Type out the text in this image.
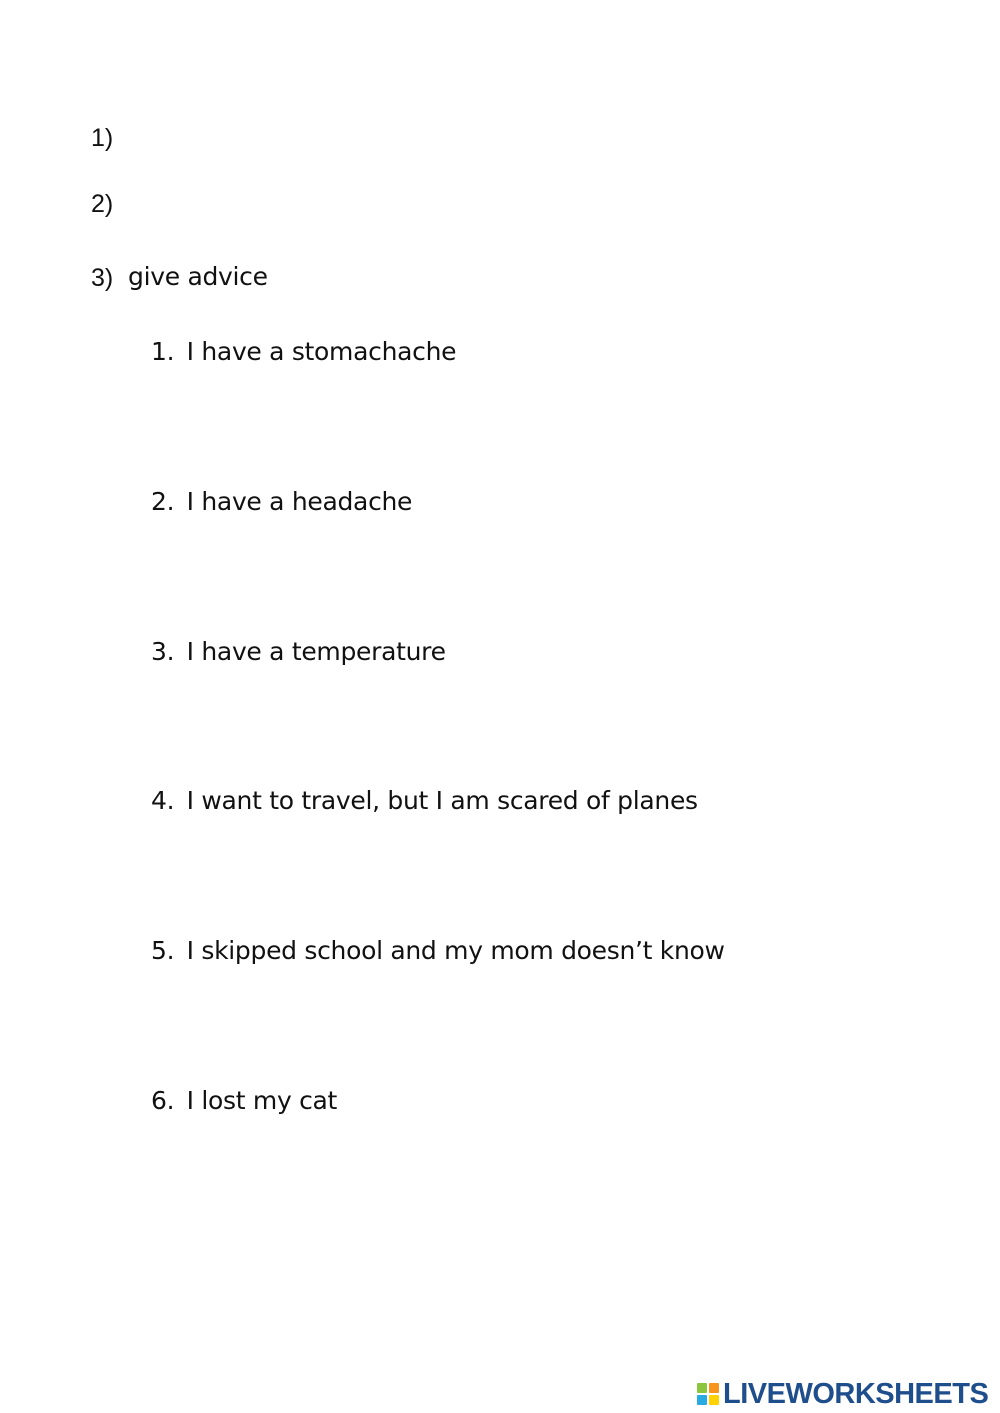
1)
2)
3) give advice
1. I have a stomachache
2. I have a headache
3. I have a temperature
4. I want to travel, but I am scared of planes
5. I skipped school and my mom doesn’t know
6. I lost my cat
LIVEWORKSHEETS
